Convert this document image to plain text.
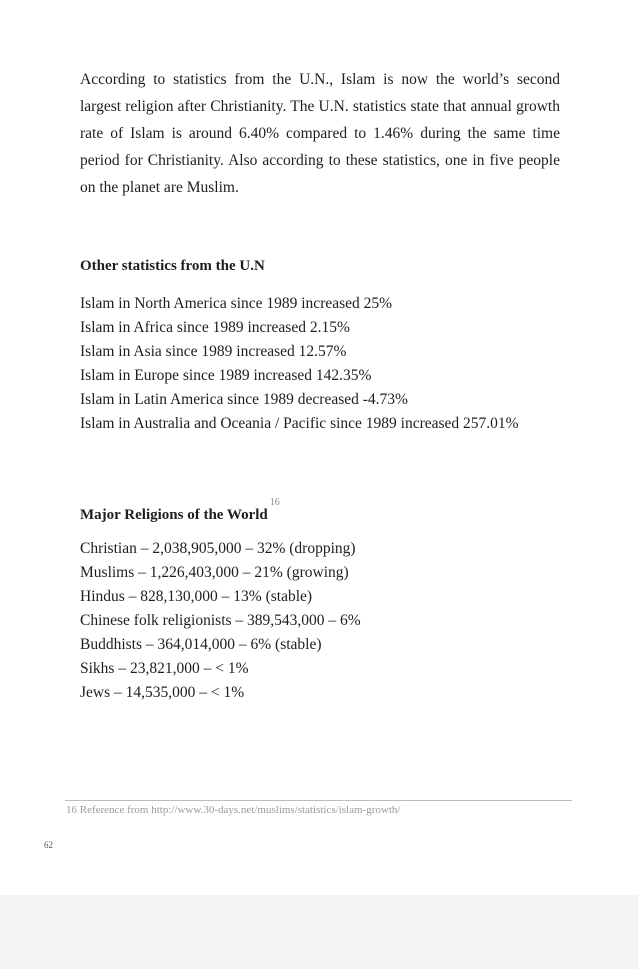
According to statistics from the U.N., Islam is now the world’s second largest religion after Christianity. The U.N. statistics state that annual growth rate of Islam is around 6.40% compared to 1.46% during the same time period for Christianity. Also according to these statistics, one in five people on the planet are Muslim.

Other statistics from the U.N
Islam in North America since 1989 increased 25%
Islam in Africa since 1989 increased 2.15%
Islam in Asia since 1989 increased 12.57%
Islam in Europe since 1989 increased 142.35%
Islam in Latin America since 1989 decreased -4.73%
Islam in Australia and Oceania / Pacific since 1989 increased 257.01%
Major Religions of the World$^{16}$
Christian – 2,038,905,000 – 32% (dropping)
Muslims – 1,226,403,000 – 21% (growing)
Hindus – 828,130,000 – 13% (stable)
Chinese folk religionists – 389,543,000 – 6%
Buddhists – 364,014,000 – 6% (stable)
Sikhs – 23,821,000 – < 1%
Jews – 14,535,000 – < 1%

16 Reference from http://www.30-days.net/muslims/statistics/islam-growth/

62
